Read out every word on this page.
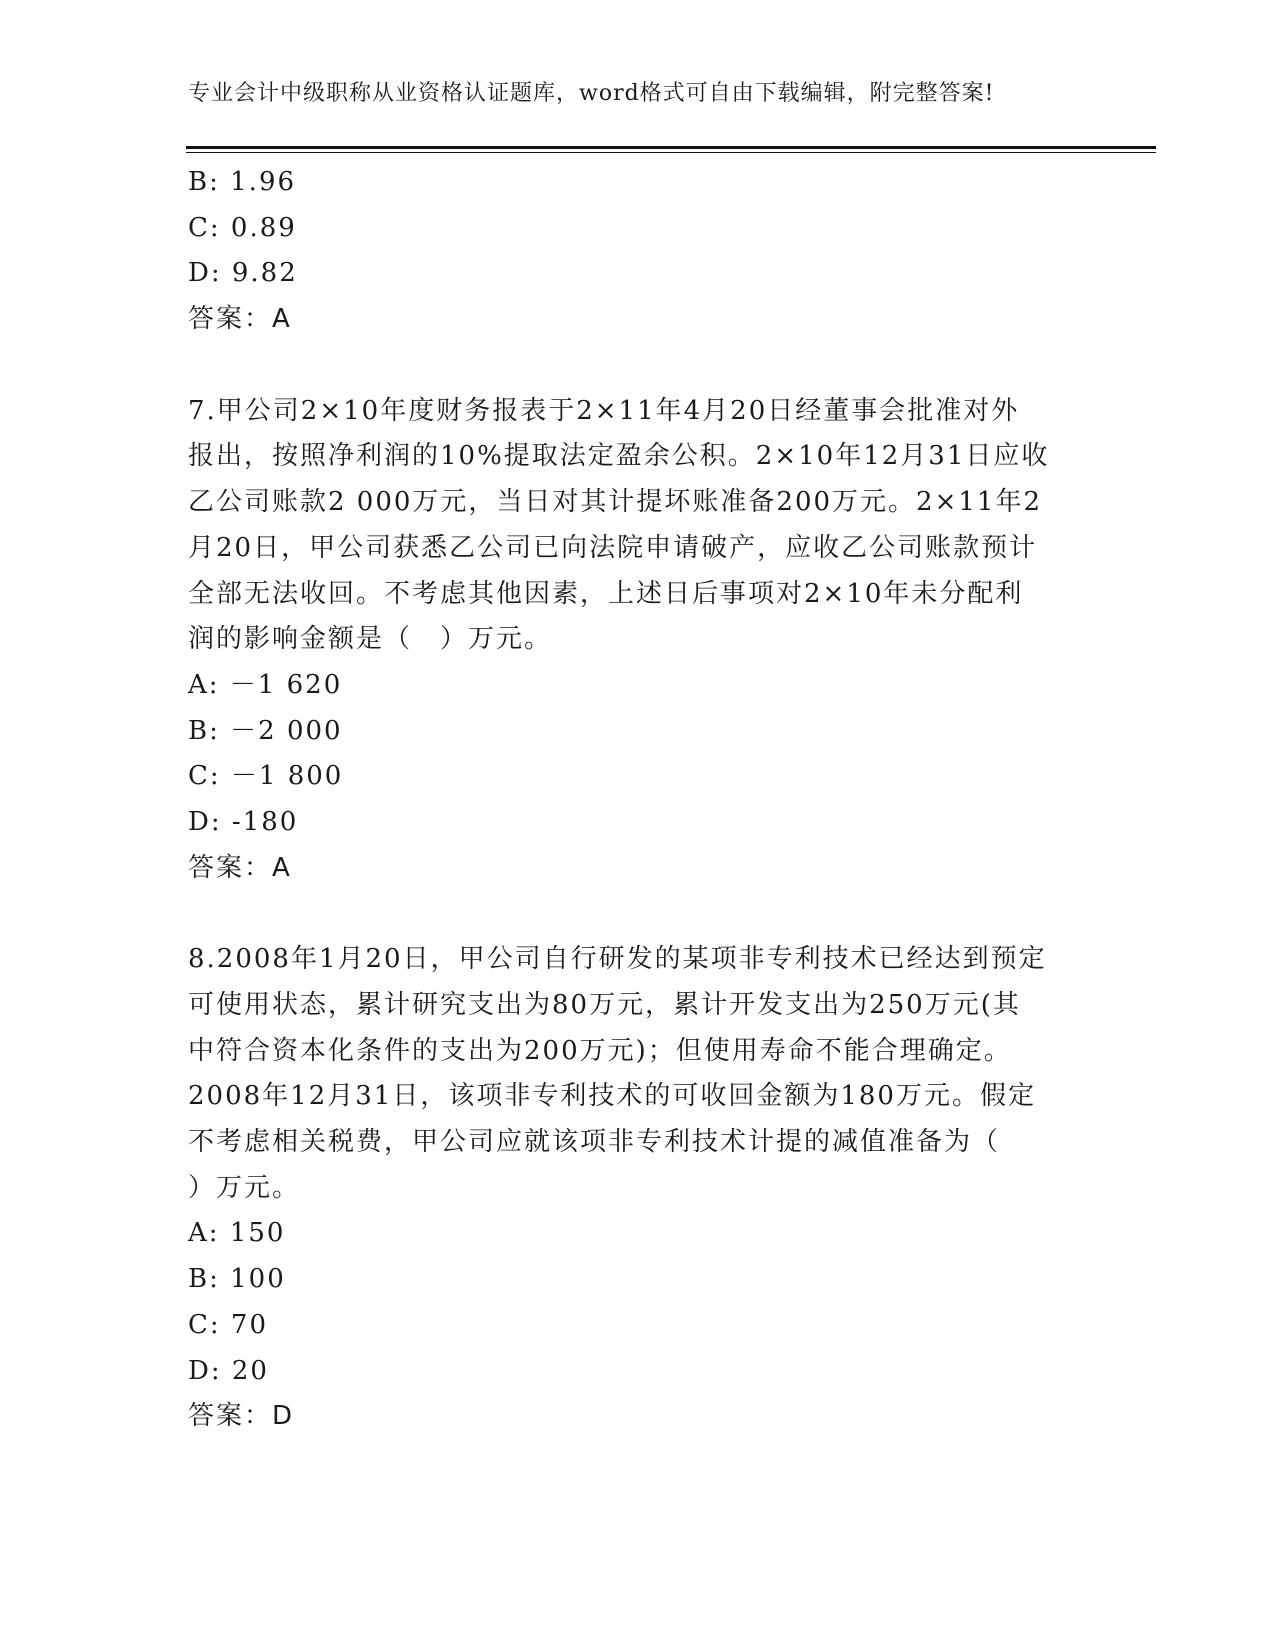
专业会计中级职称从业资格认证题库，word格式可自由下载编辑，附完整答案!
B: 1.96
C: 0.89
D: 9.82
答案：A
7.甲公司2×10年度财务报表于2×11年4月20日经董事会批准对外
报出，按照净利润的10%提取法定盈余公积。2×10年12月31日应收
乙公司账款2 000万元，当日对其计提坏账准备200万元。2×11年2
月20日，甲公司获悉乙公司已向法院申请破产，应收乙公司账款预计
全部无法收回。不考虑其他因素，上述日后事项对2×10年未分配利
润的影响金额是（　）万元。
A: －1 620
B: －2 000
C: －1 800
D: -180
答案：A
8.2008年1月20日，甲公司自行研发的某项非专利技术已经达到预定
可使用状态，累计研究支出为80万元，累计开发支出为250万元(其
中符合资本化条件的支出为200万元)；但使用寿命不能合理确定。
2008年12月31日，该项非专利技术的可收回金额为180万元。假定
不考虑相关税费，甲公司应就该项非专利技术计提的减值准备为（
）万元。
A: 150
B: 100
C: 70
D: 20
答案：D
